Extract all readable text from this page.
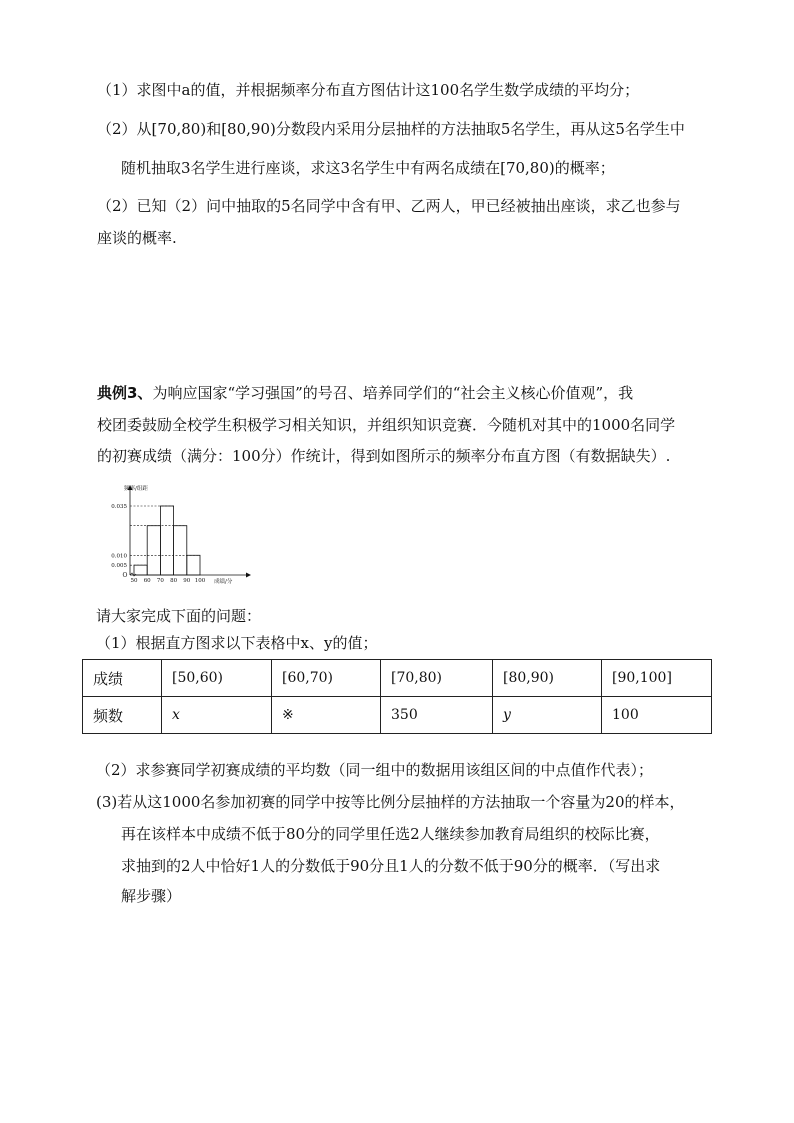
（1）求图中a的值，并根据频率分布直方图估计这100名学生数学成绩的平均分；
（2）从[70,80)和[80,90)分数段内采用分层抽样的方法抽取5名学生，再从这5名学生中
随机抽取3名学生进行座谈，求这3名学生中有两名成绩在[70,80)的概率；
（2）已知（2）问中抽取的5名同学中含有甲、乙两人，甲已经被抽出座谈，求乙也参与
座谈的概率.
典例3、为响应国家“学习强国”的号召、培养同学们的“社会主义核心价值观”，我
校团委鼓励全校学生积极学习相关知识，并组织知识竞赛．今随机对其中的1000名同学
的初赛成绩（满分：100分）作统计，得到如图所示的频率分布直方图（有数据缺失）.
频率/组距
成绩/分
O
0.035
0.010
0.005
50 60 70 80 90 100
请大家完成下面的问题：
（1）根据直方图求以下表格中x、y的值；
成绩	[50,60)	[60,70)	[70,80)	[80,90)	[90,100]
频数	x	※	350	y	100
（2）求参赛同学初赛成绩的平均数（同一组中的数据用该组区间的中点值作代表）；
(3)若从这1000名参加初赛的同学中按等比例分层抽样的方法抽取一个容量为20的样本，
再在该样本中成绩不低于80分的同学里任选2人继续参加教育局组织的校际比赛，
求抽到的2人中恰好1人的分数低于90分且1人的分数不低于90分的概率．（写出求
解步骤）
